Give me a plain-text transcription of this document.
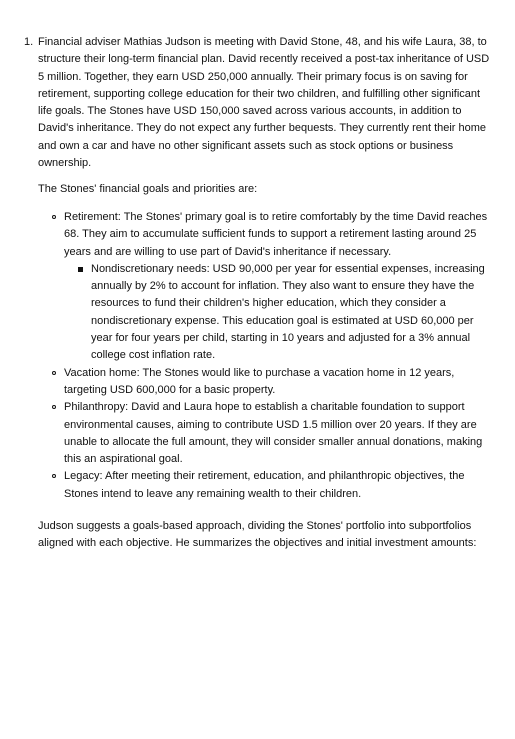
1. Financial adviser Mathias Judson is meeting with David Stone, 48, and his wife Laura, 38, to structure their long-term financial plan. David recently received a post-tax inheritance of USD 5 million. Together, they earn USD 250,000 annually. Their primary focus is on saving for retirement, supporting college education for their two children, and fulfilling other significant life goals. The Stones have USD 150,000 saved across various accounts, in addition to David's inheritance. They do not expect any further bequests. They currently rent their home and own a car and have no other significant assets such as stock options or business ownership.

The Stones' financial goals and priorities are:

Retirement: The Stones' primary goal is to retire comfortably by the time David reaches 68. They aim to accumulate sufficient funds to support a retirement lasting around 25 years and are willing to use part of David's inheritance if necessary.
Nondiscretionary needs: USD 90,000 per year for essential expenses, increasing annually by 2% to account for inflation. They also want to ensure they have the resources to fund their children's higher education, which they consider a nondiscretionary expense. This education goal is estimated at USD 60,000 per year for four years per child, starting in 10 years and adjusted for a 3% annual college cost inflation rate.
Vacation home: The Stones would like to purchase a vacation home in 12 years, targeting USD 600,000 for a basic property.
Philanthropy: David and Laura hope to establish a charitable foundation to support environmental causes, aiming to contribute USD 1.5 million over 20 years. If they are unable to allocate the full amount, they will consider smaller annual donations, making this an aspirational goal.
Legacy: After meeting their retirement, education, and philanthropic objectives, the Stones intend to leave any remaining wealth to their children.

Judson suggests a goals-based approach, dividing the Stones' portfolio into subportfolios aligned with each objective. He summarizes the objectives and initial investment amounts:
